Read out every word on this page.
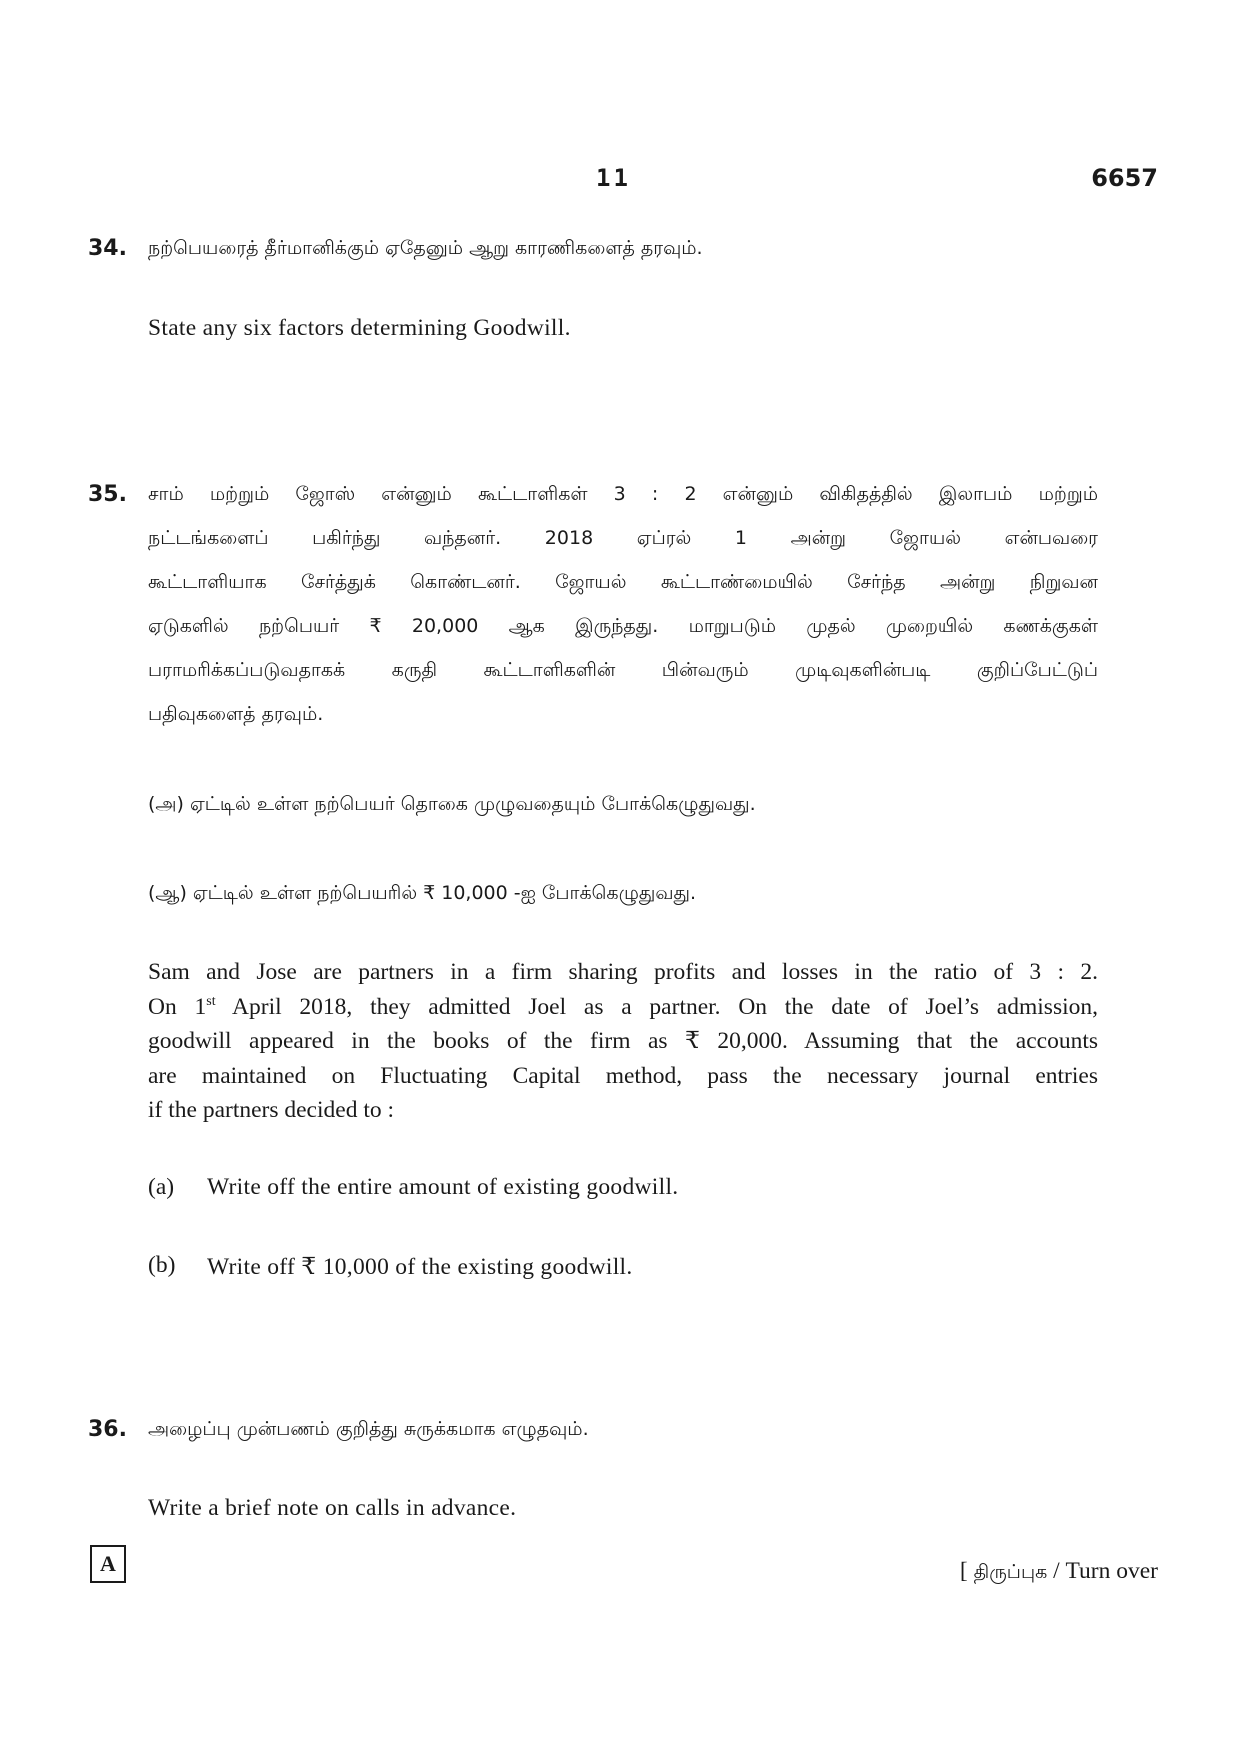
11	6657
34. நற்பெயரைத் தீர்மானிக்கும் ஏதேனும் ஆறு காரணிகளைத் தரவும்.
State any six factors determining Goodwill.
35. சாம் மற்றும் ஜோஸ் என்னும் கூட்டாளிகள் 3 : 2 என்னும் விகிதத்தில் இலாபம் மற்றும்
நட்டங்களைப் பகிர்ந்து வந்தனர். 2018 ஏப்ரல் 1 அன்று ஜோயல் என்பவரை
கூட்டாளியாக சேர்த்துக் கொண்டனர். ஜோயல் கூட்டாண்மையில் சேர்ந்த அன்று நிறுவன
ஏடுகளில் நற்பெயர் ₹ 20,000 ஆக இருந்தது. மாறுபடும் முதல் முறையில் கணக்குகள்
பராமரிக்கப்படுவதாகக் கருதி கூட்டாளிகளின் பின்வரும் முடிவுகளின்படி குறிப்பேட்டுப்
பதிவுகளைத் தரவும்.
(அ) ஏட்டில் உள்ள நற்பெயர் தொகை முழுவதையும் போக்கெழுதுவது.
(ஆ) ஏட்டில் உள்ள நற்பெயரில் ₹ 10,000 -ஐ போக்கெழுதுவது.
Sam and Jose are partners in a firm sharing profits and losses in the ratio of 3 : 2.
On 1st April 2018, they admitted Joel as a partner. On the date of Joel’s admission,
goodwill appeared in the books of the firm as ₹ 20,000. Assuming that the accounts
are maintained on Fluctuating Capital method, pass the necessary journal entries
if the partners decided to :
(a) Write off the entire amount of existing goodwill.
(b) Write off ₹ 10,000 of the existing goodwill.
36. அழைப்பு முன்பணம் குறித்து சுருக்கமாக எழுதவும்.
Write a brief note on calls in advance.
A	[ திருப்புக / Turn over
